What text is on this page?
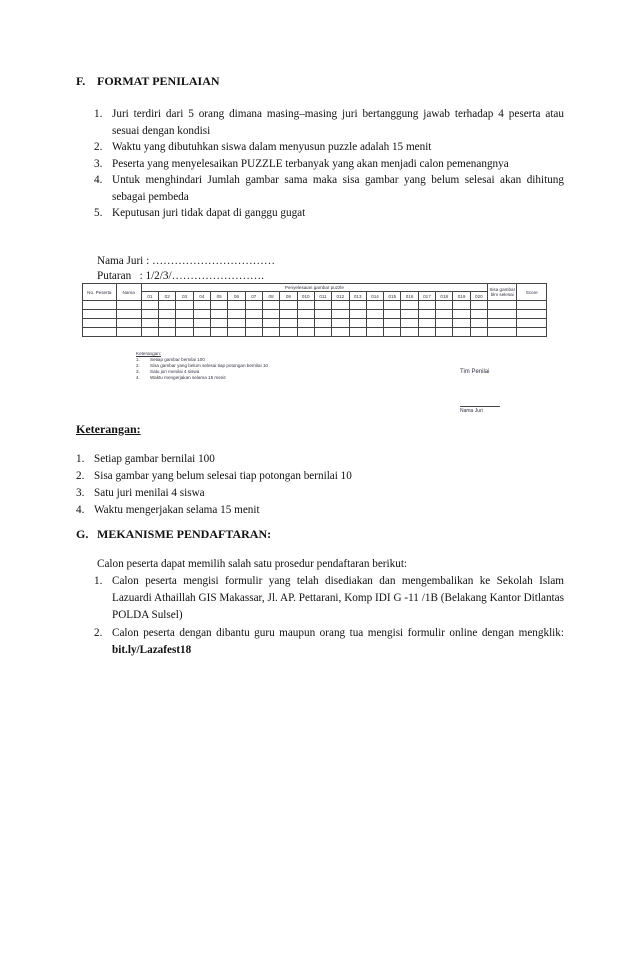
F. FORMAT PENILAIAN
1. Juri terdiri dari 5 orang dimana masing–masing juri bertanggung jawab terhadap 4 peserta atau sesuai dengan kondisi
2. Waktu yang dibutuhkan siswa dalam menyusun puzzle adalah 15 menit
3. Peserta yang menyelesaikan PUZZLE terbanyak yang akan menjadi calon pemenangnya
4. Untuk menghindari Jumlah gambar sama maka sisa gambar yang belum selesai akan dihitung sebagai pembeda
5. Keputusan juri tidak dapat di ganggu gugat
Nama Juri : ……………………………
Putaran   : 1/2/3/…………………….
No. Peserta	Nama	Penyelesaian gambar puzzle																				Sisa gambar blm selesai	Score
		01	02	03	04	05	06	07	08	09	010	011	012	013	014	015	016	017	018	019	020		

Keterangan:
1. Setiap gambar bernilai 100
2. Sisa gambar yang belum selesai tiap potongan bernilai 10
3. Satu juri menilai 4 siswa
4. Waktu mengerjakan selama 15 menit
Tim Penilai
Nama Juri
Keterangan:
1. Setiap gambar bernilai 100
2. Sisa gambar yang belum selesai tiap potongan bernilai 10
3. Satu juri menilai 4 siswa
4. Waktu mengerjakan selama 15 menit
G. MEKANISME PENDAFTARAN:
Calon peserta dapat memilih salah satu prosedur pendaftaran berikut:
1. Calon peserta mengisi formulir yang telah disediakan dan mengembalikan ke Sekolah Islam Lazuardi Athaillah GIS Makassar, Jl. AP. Pettarani, Komp IDI G -11 /1B (Belakang Kantor Ditlantas POLDA Sulsel)
2. Calon peserta dengan dibantu guru maupun orang tua mengisi formulir online dengan mengklik: bit.ly/Lazafest18
